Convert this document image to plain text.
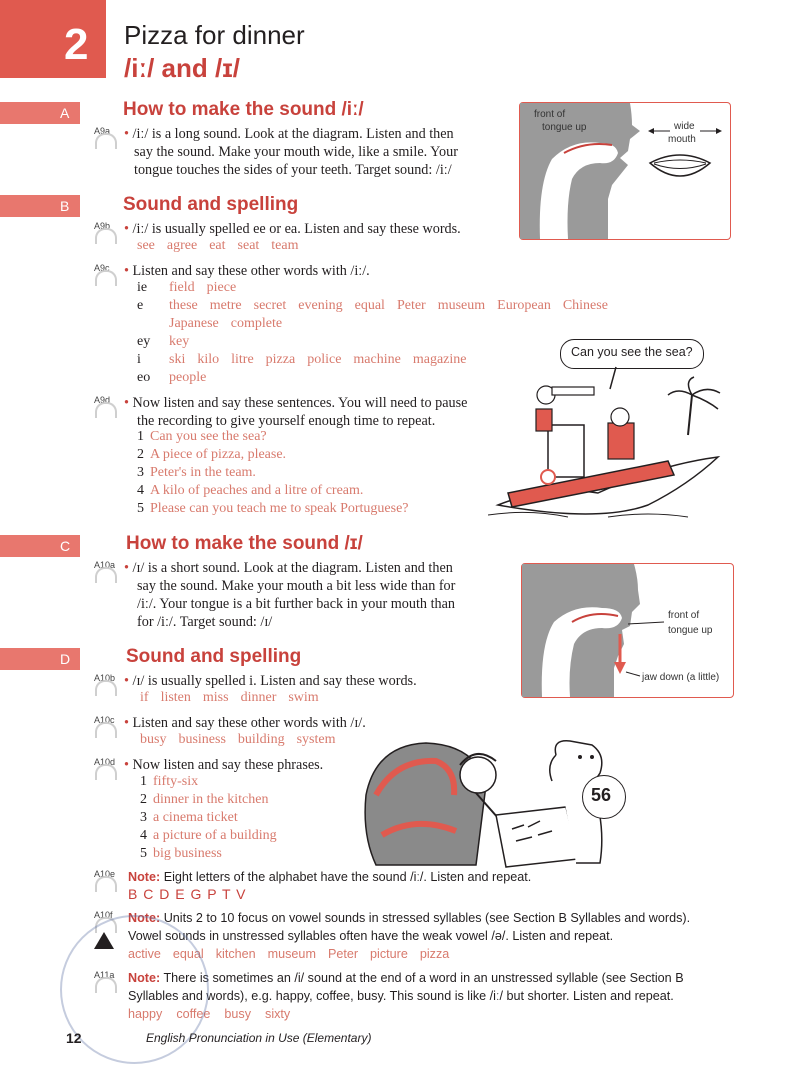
2 Pizza for dinner
/iː/ and /ɪ/
A	How to make the sound /iː/
A9a • /iː/ is a long sound. Look at the diagram. Listen and then
say the sound. Make your mouth wide, like a smile. Your
tongue touches the sides of your teeth. Target sound: /iː/
front of
tongue up	wide
mouth
B	Sound and spelling
A9b • /iː/ is usually spelled ee or ea. Listen and say these words.
see agree eat seat team
A9c • Listen and say these other words with /iː/.
ie field piece
e these metre secret evening equal Peter museum European Chinese
Japanese complete
ey key
i ski kilo litre pizza police machine magazine
eo people
A9d • Now listen and say these sentences. You will need to pause
the recording to give yourself enough time to repeat.
1 Can you see the sea?
2 A piece of pizza, please.
3 Peter's in the team.
4 A kilo of peaches and a litre of cream.
5 Please can you teach me to speak Portuguese?
Can you see the sea?
C	How to make the sound /ɪ/
A10a • /ɪ/ is a short sound. Look at the diagram. Listen and then
say the sound. Make your mouth a bit less wide than for
/iː/. Your tongue is a bit further back in your mouth than
for /iː/. Target sound: /ɪ/	front of
tongue up
jaw down (a little)
D	Sound and spelling
A10b • /ɪ/ is usually spelled i. Listen and say these words.
if listen miss dinner swim
A10c • Listen and say these other words with /ɪ/.
busy business building system
A10d • Now listen and say these phrases.
1 fifty-six
2 dinner in the kitchen
3 a cinema ticket
4 a picture of a building
5 big business
56
A10e Note: Eight letters of the alphabet have the sound /iː/. Listen and repeat.
B C D E G P T V
A10f Note: Units 2 to 10 focus on vowel sounds in stressed syllables (see Section B Syllables and words).
Vowel sounds in unstressed syllables often have the weak vowel /ə/. Listen and repeat.
active equal kitchen museum Peter picture pizza
A11a Note: There is sometimes an /i/ sound at the end of a word in an unstressed syllable (see Section B
Syllables and words), e.g. happy, coffee, busy. This sound is like /iː/ but shorter. Listen and repeat.
happy coffee busy sixty
12	English Pronunciation in Use (Elementary)
